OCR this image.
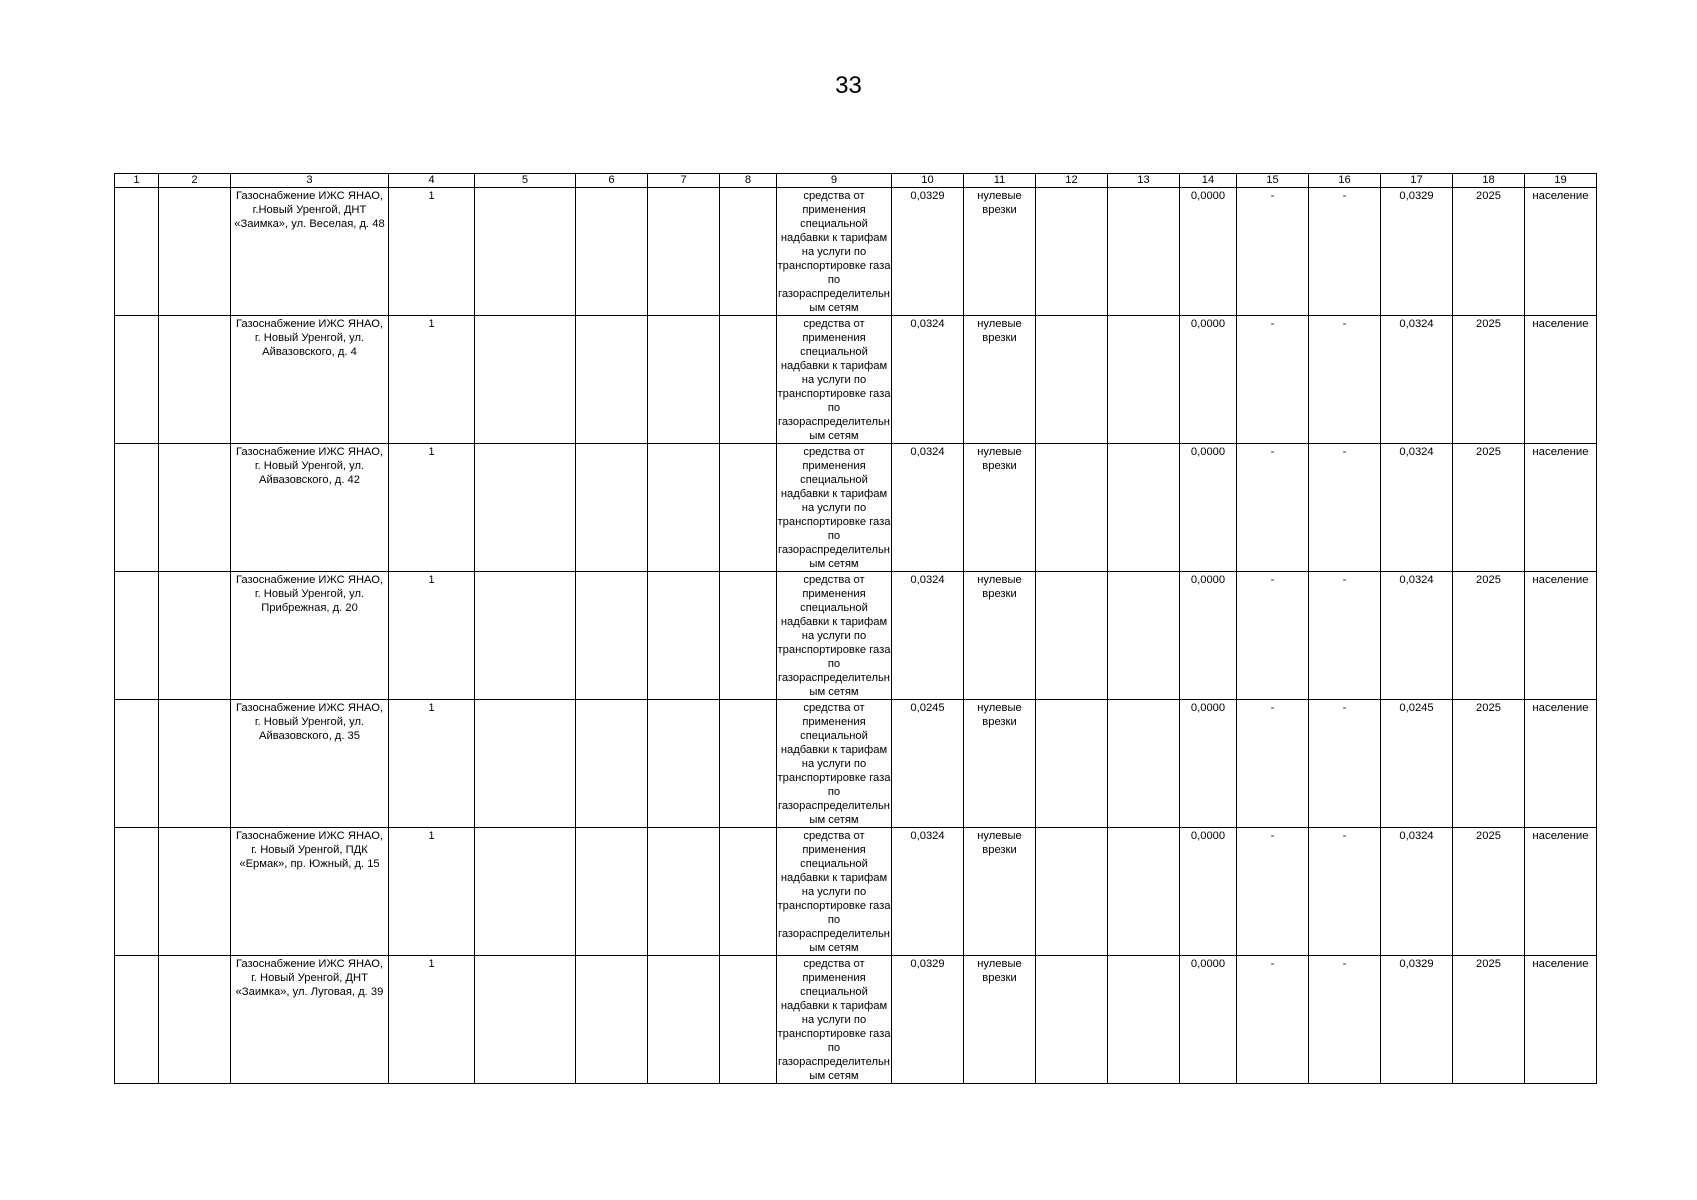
33
1	2	3	4	5	6	7	8	9	10	11	12	13	14	15	16	17	18	19
		Газоснабжение ИЖС ЯНАО, г.Новый Уренгой, ДНТ «Заимка», ул. Веселая, д. 48	1					средства от применения специальной надбавки к тарифам на услуги по транспортировке газа по газораспределительным сетям	0,0329	нулевые врезки			0,0000	-	-	0,0329	2025	население
		Газоснабжение ИЖС ЯНАО, г. Новый Уренгой, ул. Айвазовского, д. 4	1					средства от применения специальной надбавки к тарифам на услуги по транспортировке газа по газораспределительным сетям	0,0324	нулевые врезки			0,0000	-	-	0,0324	2025	население
		Газоснабжение ИЖС ЯНАО, г. Новый Уренгой, ул. Айвазовского, д. 42	1					средства от применения специальной надбавки к тарифам на услуги по транспортировке газа по газораспределительным сетям	0,0324	нулевые врезки			0,0000	-	-	0,0324	2025	население
		Газоснабжение ИЖС ЯНАО, г. Новый Уренгой, ул. Прибрежная, д. 20	1					средства от применения специальной надбавки к тарифам на услуги по транспортировке газа по газораспределительным сетям	0,0324	нулевые врезки			0,0000	-	-	0,0324	2025	население
		Газоснабжение ИЖС ЯНАО, г. Новый Уренгой, ул. Айвазовского, д. 35	1					средства от применения специальной надбавки к тарифам на услуги по транспортировке газа по газораспределительным сетям	0,0245	нулевые врезки			0,0000	-	-	0,0245	2025	население
		Газоснабжение ИЖС ЯНАО, г. Новый Уренгой, ПДК «Ермак», пр. Южный, д. 15	1					средства от применения специальной надбавки к тарифам на услуги по транспортировке газа по газораспределительным сетям	0,0324	нулевые врезки			0,0000	-	-	0,0324	2025	население
		Газоснабжение ИЖС ЯНАО, г. Новый Уренгой, ДНТ «Заимка», ул. Луговая, д. 39	1					средства от применения специальной надбавки к тарифам на услуги по транспортировке газа по газораспределительным сетям	0,0329	нулевые врезки			0,0000	-	-	0,0329	2025	население
